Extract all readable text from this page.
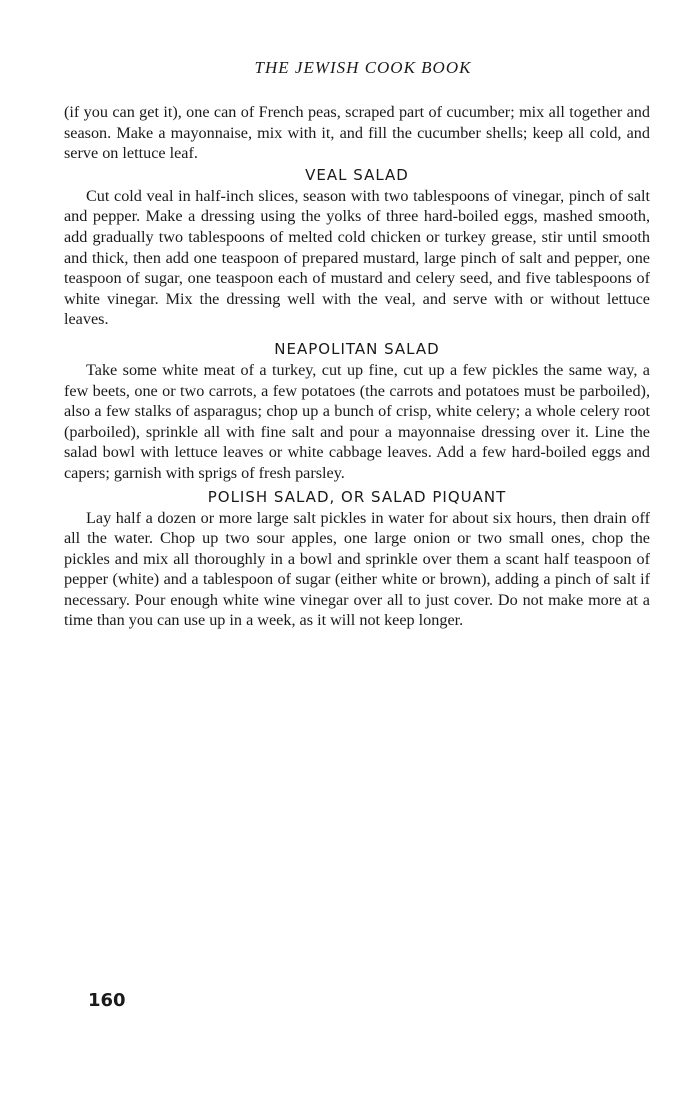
THE JEWISH COOK BOOK

(if you can get it), one can of French peas, scraped part of cucumber; mix all together and season. Make a mayonnaise, mix with it, and fill the cucumber shells; keep all cold, and serve on lettuce leaf.

VEAL SALAD

Cut cold veal in half-inch slices, season with two tablespoons of vinegar, pinch of salt and pepper. Make a dressing using the yolks of three hard-boiled eggs, mashed smooth, add gradually two tablespoons of melted cold chicken or turkey grease, stir until smooth and thick, then add one teaspoon of prepared mustard, large pinch of salt and pepper, one teaspoon of sugar, one teaspoon each of mustard and celery seed, and five tablespoons of white vinegar. Mix the dressing well with the veal, and serve with or without lettuce leaves.

NEAPOLITAN SALAD

Take some white meat of a turkey, cut up fine, cut up a few pickles the same way, a few beets, one or two carrots, a few potatoes (the carrots and potatoes must be parboiled), also a few stalks of asparagus; chop up a bunch of crisp, white celery; a whole celery root (parboiled), sprinkle all with fine salt and pour a mayonnaise dressing over it. Line the salad bowl with lettuce leaves or white cabbage leaves. Add a few hard-boiled eggs and capers; garnish with sprigs of fresh parsley.

POLISH SALAD, OR SALAD PIQUANT

Lay half a dozen or more large salt pickles in water for about six hours, then drain off all the water. Chop up two sour apples, one large onion or two small ones, chop the pickles and mix all thoroughly in a bowl and sprinkle over them a scant half teaspoon of pepper (white) and a tablespoon of sugar (either white or brown), adding a pinch of salt if necessary. Pour enough white wine vinegar over all to just cover. Do not make more at a time than you can use up in a week, as it will not keep longer.

160
